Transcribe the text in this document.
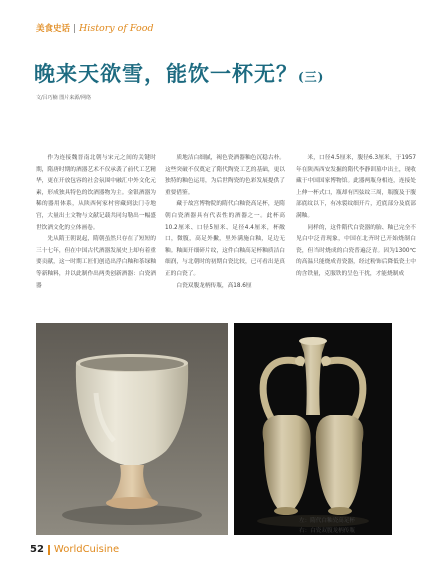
美食史话 History of Food
晚来天欲雪，能饮一杯无？(三)
文/吕巧楠 图片来源/网络

作为连接魏晋南北朝与宋元之间的关键时期，隋唐时期的酒器艺术不仅承袭了前代工艺精华，更在开放包容的社会氛围中融汇中外文化元素，形成独具特色的饮酒器物为主。金银酒器为稀的器用体系，从陕西何家村窖藏到法门寺地宫，大量出土文物与文献记载共同勾勒出一幅盛世饮酒文化的立体画卷。

先从隋王朝说起，隋朝虽然只存在了短短的三十七年，但在中国古代酒器发展史上却有着重要贡献，这一时期工匠们创造出浮白釉和茶绿釉等新釉料，并以此制作出两类创新酒器：白瓷酒器

质地洁白细腻，褐色瓷酒器釉色沉稳古朴。这些突破不仅奠定了隋代陶瓷工艺的基础，更以独特的釉色运用，为后世陶瓷的色彩发展提供了重要借鉴。

藏于故宫博物院的隋代白釉瓷高足杯，是隋朝白瓷酒器具有代表性的酒器之一。此杯高10.2厘米、口径5厘米、足径4.4厘米，杯敞口，微腹，高足外撇，里外满施白釉，足边无釉。釉面开细碎片纹，这件白釉高足杯釉质洁白细润，与北朝时的初期白瓷比较，已可看出是真正的白瓷了。

白瓷双腹龙柄传瓶，高18.6厘

米，口径4.5厘米，腹径6.3厘米，于1957年在陕西西安发掘的隋代李静训墓中出土，现收藏于中国国家博物馆。此器两瓶身相连，连接处上伸一杯式口，瓶却有凹弦纹三周，瓶腹及于腹部底纹以下，有冰裂纹细开片，近底部分及底部满釉。

同样的，这件隋代白瓷器的胎、釉已完全不见白中泛青现象，中国在北齐时已开始烧制白瓷，但当时烧成的白瓷普遍泛青。因为1300℃的高温只能烧成青瓷器，经过粉饰后降低瓷土中的含铁量，克服铁的呈色干扰，才能烧制成

左：隋代白釉瓷高足杯
右：白瓷双腹龙柄传瓶
52 WorldCuisine
